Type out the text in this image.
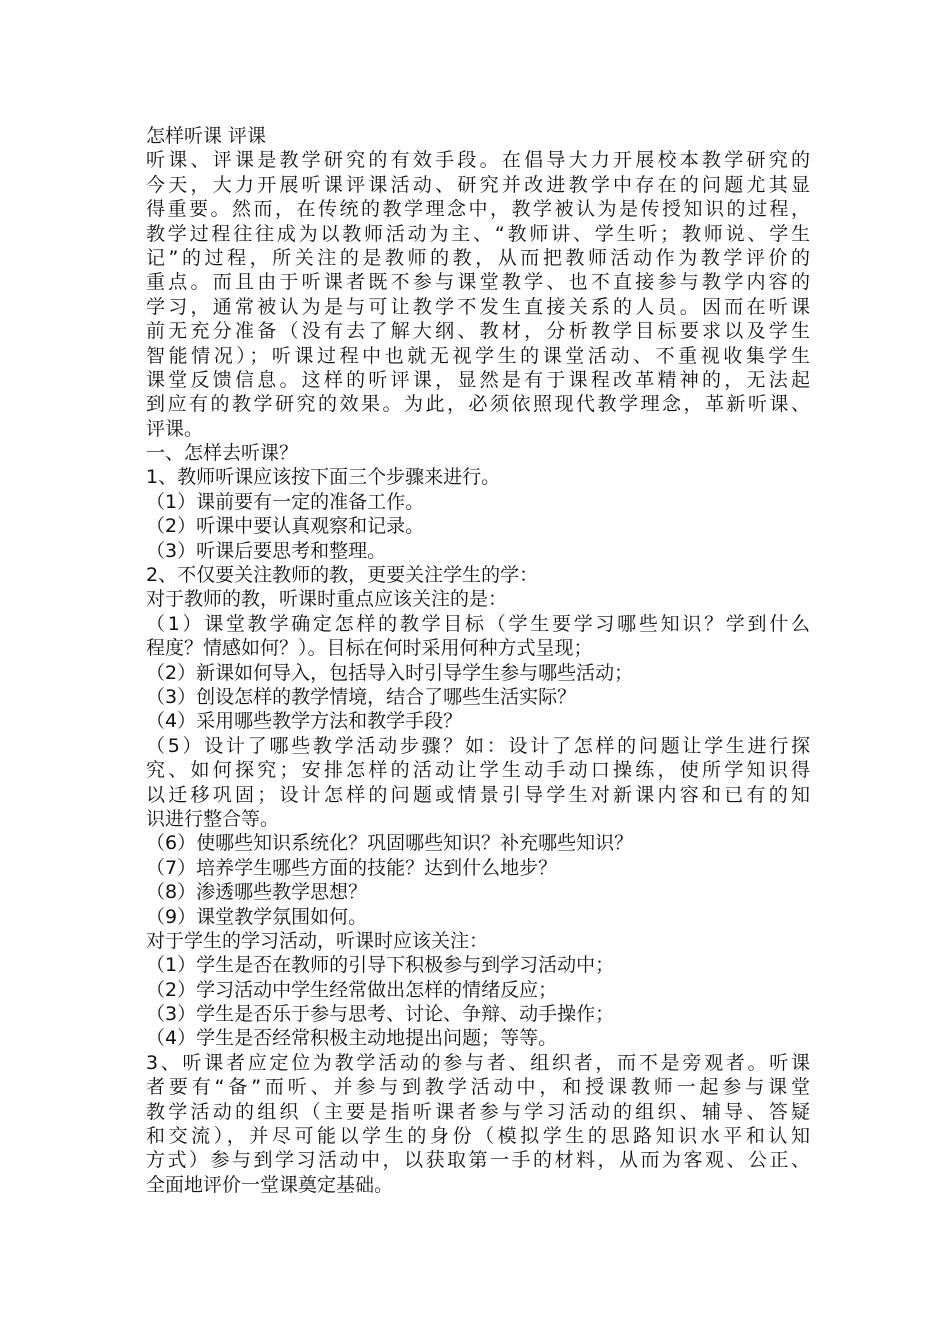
怎样听课 评课
听课、评课是教学研究的有效手段。在倡导大力开展校本教学研究的
今天，大力开展听课评课活动、研究并改进教学中存在的问题尤其显
得重要。然而，在传统的教学理念中，教学被认为是传授知识的过程，
教学过程往往成为以教师活动为主、“教师讲、学生听；教师说、学生
记”的过程，所关注的是教师的教，从而把教师活动作为教学评价的
重点。而且由于听课者既不参与课堂教学、也不直接参与教学内容的
学习，通常被认为是与可让教学不发生直接关系的人员。因而在听课
前无充分准备（没有去了解大纲、教材，分析教学目标要求以及学生
智能情况）；听课过程中也就无视学生的课堂活动、不重视收集学生
课堂反馈信息。这样的听评课，显然是有于课程改革精神的，无法起
到应有的教学研究的效果。为此，必须依照现代教学理念，革新听课、
评课。
一、怎样去听课？
1、教师听课应该按下面三个步骤来进行。
（1）课前要有一定的准备工作。
（2）听课中要认真观察和记录。
（3）听课后要思考和整理。
2、不仅要关注教师的教，更要关注学生的学：
对于教师的教，听课时重点应该关注的是：
（1）课堂教学确定怎样的教学目标（学生要学习哪些知识？学到什么
程度？情感如何？）。目标在何时采用何种方式呈现；
（2）新课如何导入，包括导入时引导学生参与哪些活动；
（3）创设怎样的教学情境，结合了哪些生活实际？
（4）采用哪些教学方法和教学手段？
（5）设计了哪些教学活动步骤？如：设计了怎样的问题让学生进行探
究、如何探究；安排怎样的活动让学生动手动口操练，使所学知识得
以迁移巩固；设计怎样的问题或情景引导学生对新课内容和已有的知
识进行整合等。
（6）使哪些知识系统化？巩固哪些知识？补充哪些知识？
（7）培养学生哪些方面的技能？达到什么地步？
（8）渗透哪些教学思想？
（9）课堂教学氛围如何。
对于学生的学习活动，听课时应该关注：
（1）学生是否在教师的引导下积极参与到学习活动中；
（2）学习活动中学生经常做出怎样的情绪反应；
（3）学生是否乐于参与思考、讨论、争辩、动手操作；
（4）学生是否经常积极主动地提出问题；等等。
3、听课者应定位为教学活动的参与者、组织者，而不是旁观者。听课
者要有“备”而听、并参与到教学活动中，和授课教师一起参与课堂
教学活动的组织（主要是指听课者参与学习活动的组织、辅导、答疑
和交流），并尽可能以学生的身份（模拟学生的思路知识水平和认知
方式）参与到学习活动中，以获取第一手的材料，从而为客观、公正、
全面地评价一堂课奠定基础。
